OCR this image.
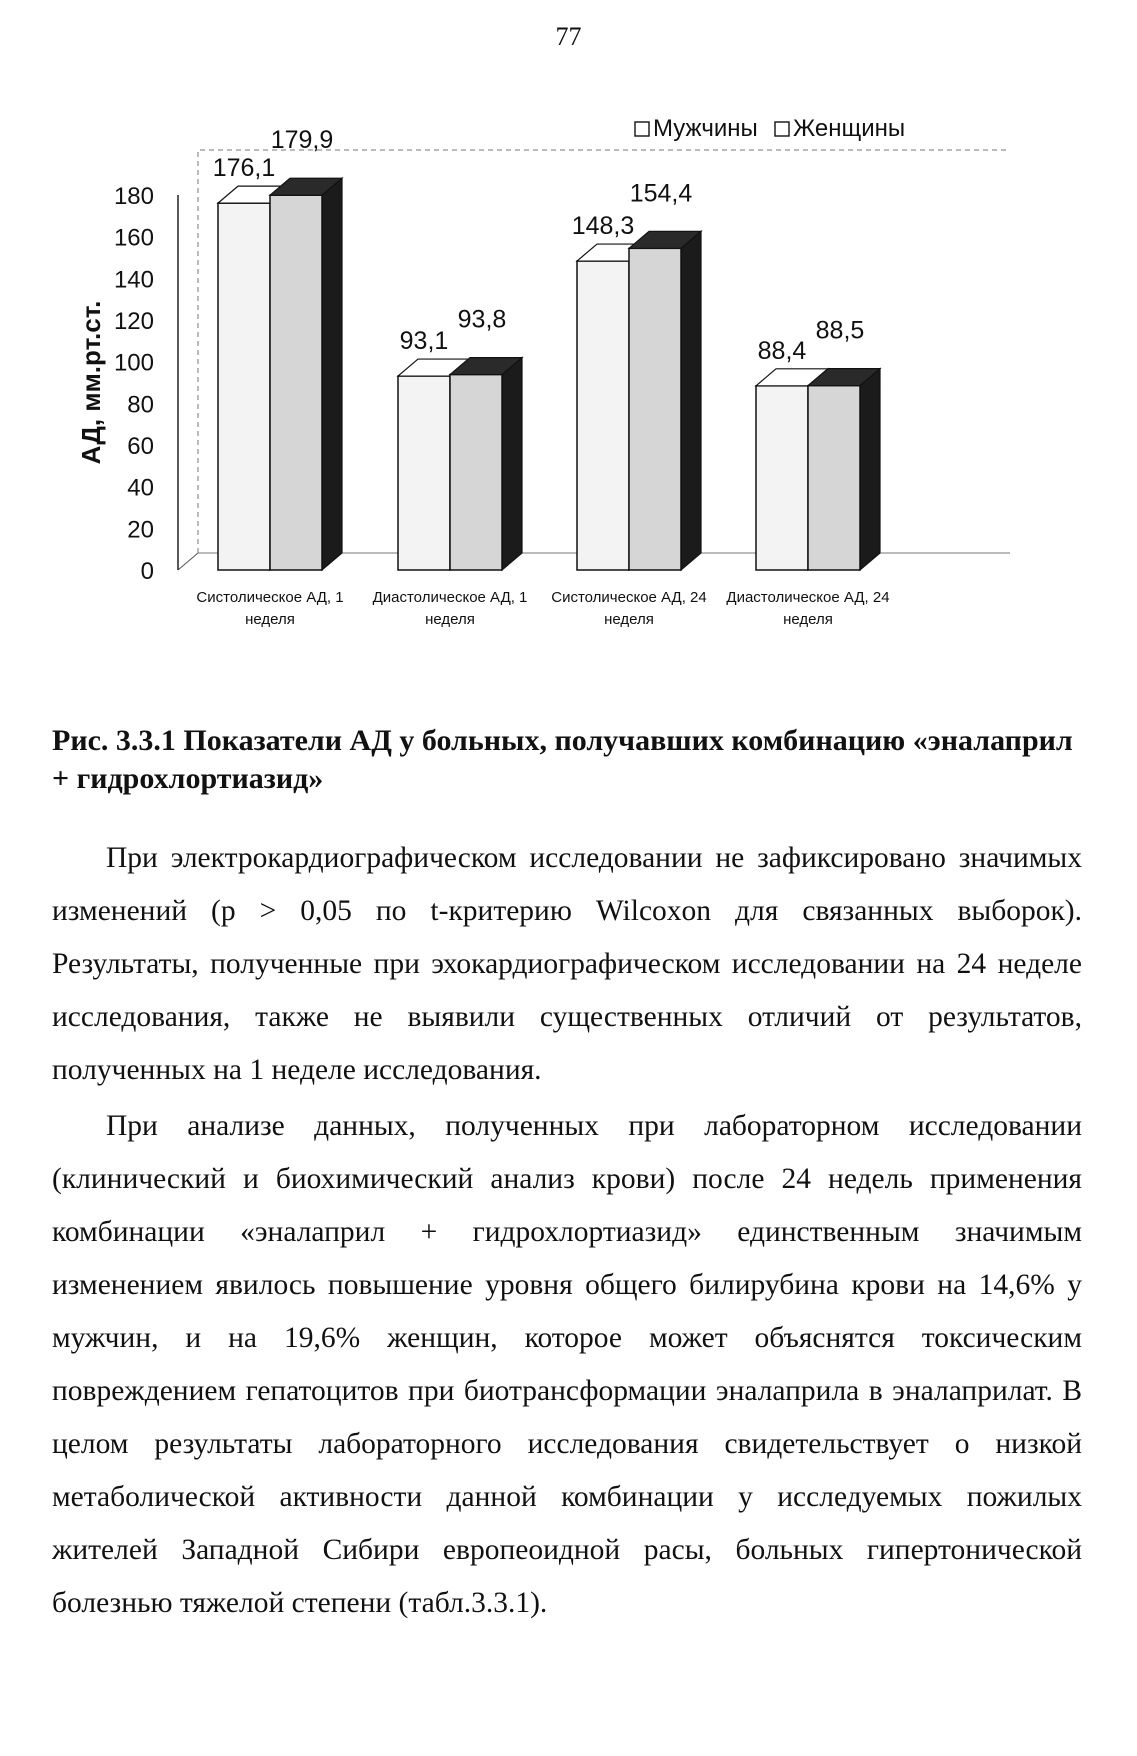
77
0
20
40
60
80
100
120
140
160
180
АД, мм.рт.ст.
176,1
93,1
148,3
88,4
179,9
93,8
154,4
88,5
Систолическое АД, 1
неделя
Диастолическое АД, 1
неделя
Систолическое АД, 24
неделя
Диастолическое АД, 24
неделя
Мужчины Женщины

Рис. 3.3.1 Показатели АД у больных, получавших комбинацию «эналаприл + гидрохлортиазид»

При электрокардиографическом исследовании не зафиксировано значимых изменений (p > 0,05 по t-критерию Wilcoxon для связанных выборок). Результаты, полученные при эхокардиографическом исследовании на 24 неделе исследования, также не выявили существенных отличий от результатов, полученных на 1 неделе исследования.

При анализе данных, полученных при лабораторном исследовании (клинический и биохимический анализ крови) после 24 недель применения комбинации «эналаприл + гидрохлортиазид» единственным значимым изменением явилось повышение уровня общего билирубина крови на 14,6% у мужчин, и на 19,6% женщин, которое может объяснятся токсическим повреждением гепатоцитов при биотрансформации эналаприла в эналаприлат. В целом результаты лабораторного исследования свидетельствует о низкой метаболической активности данной комбинации у исследуемых пожилых жителей Западной Сибири европеоидной расы, больных гипертонической болезнью тяжелой степени (табл.3.3.1).
